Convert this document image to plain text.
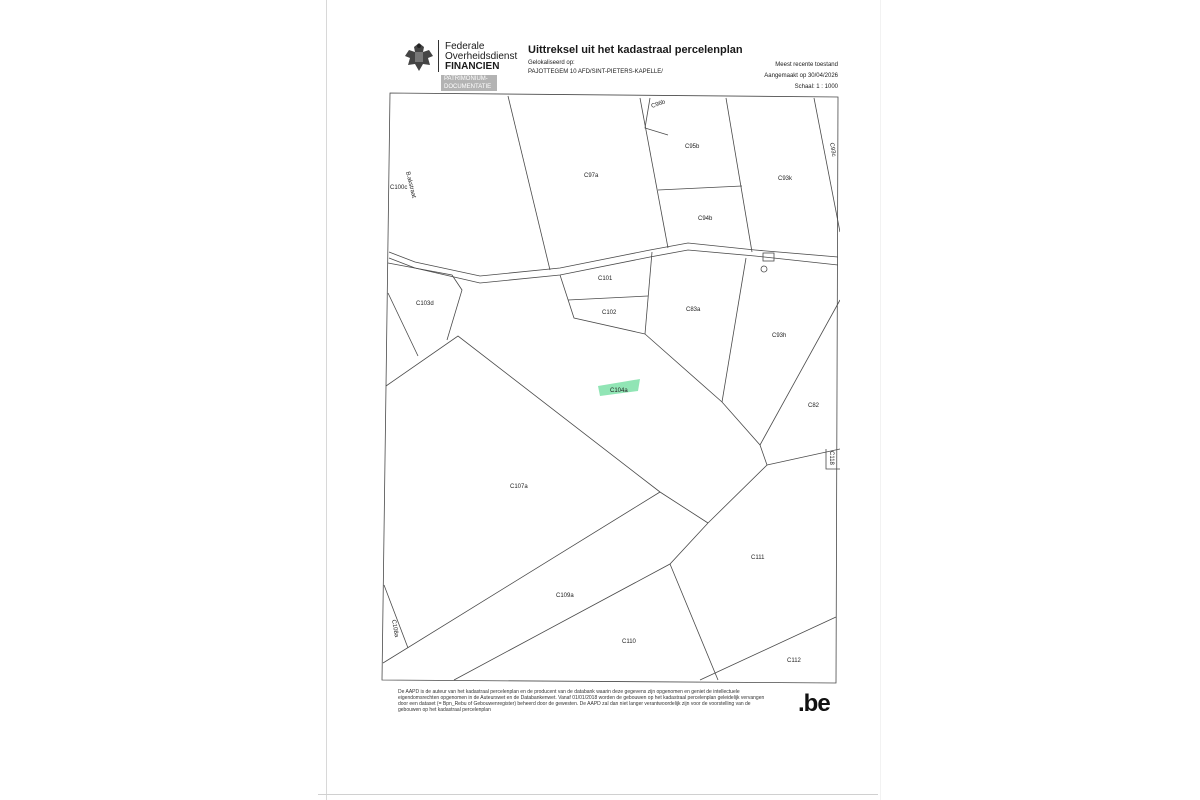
Federale
Overheidsdienst
FINANCIEN
PATRIMONIUM-DOCUMENTATIE
Uittreksel uit het kadastraal percelenplan
Gelokaliseerd op:
PAJOTTEGEM 10 AFD/SINT-PIETERS-KAPELLE/
Meest recente toestand
Aangemaakt op 30/04/2026
Schaal: 1 : 1000
B.akstraat
C96b
C95b
C97a
C93c
C93k
C94b
C100c
C101
C102
C103d
C83a
C93h
C104a
C82
C118
C107a
C111
C109a
C108a
C110
C112
De AAPD is de auteur van het kadastraal percelenplan en de producent van de databank waarin deze gegevens zijn opgenomen en geniet de intellectuele eigendomsrechten opgenomen in de Auteurswet en de Databankenwet. Vanaf 01/01/2018 worden de gebouwen op het kadastraal percelenplan geleidelijk vervangen door een dataset (= Bpn_Rebu of Gebouwenregister) beheerd door de gewesten. De AAPD zal dan niet langer verantwoordelijk zijn voor de voorstelling van de gebouwen op het kadastraal percelenplan	.be
